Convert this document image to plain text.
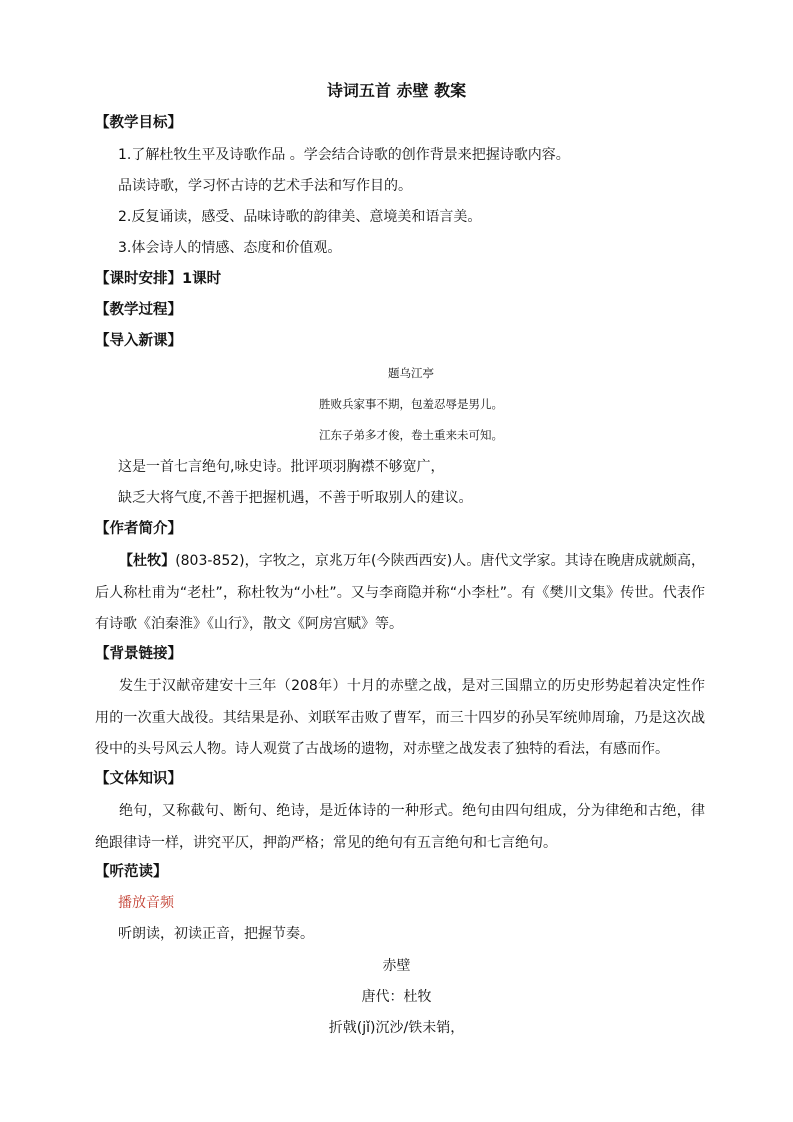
诗词五首 赤壁 教案
【教学目标】
1.了解杜牧生平及诗歌作品 。学会结合诗歌的创作背景来把握诗歌内容。
品读诗歌，学习怀古诗的艺术手法和写作目的。
2.反复诵读，感受、品味诗歌的韵律美、意境美和语言美。
3.体会诗人的情感、态度和价值观。
【课时安排】1课时
【教学过程】
【导入新课】
题乌江亭
胜败兵家事不期，包羞忍辱是男儿。
江东子弟多才俊，卷土重来未可知。
这是一首七言绝句,咏史诗。批评项羽胸襟不够宽广，
缺乏大将气度,不善于把握机遇，不善于听取别人的建议。
【作者简介】
【杜牧】(803-852)，字牧之，京兆万年(今陕西西安)人。唐代文学家。其诗在晚唐成就颇高，后人称杜甫为“老杜”，称杜牧为“小杜”。又与李商隐并称“小李杜”。有《樊川文集》传世。代表作有诗歌《泊秦淮》《山行》，散文《阿房宫赋》等。
【背景链接】
发生于汉献帝建安十三年（208年）十月的赤壁之战，是对三国鼎立的历史形势起着决定性作用的一次重大战役。其结果是孙、刘联军击败了曹军，而三十四岁的孙吴军统帅周瑜，乃是这次战役中的头号风云人物。诗人观赏了古战场的遗物，对赤壁之战发表了独特的看法，有感而作。
【文体知识】
绝句，又称截句、断句、绝诗，是近体诗的一种形式。绝句由四句组成，分为律绝和古绝，律绝跟律诗一样，讲究平仄，押韵严格；常见的绝句有五言绝句和七言绝句。
【听范读】
播放音频
听朗读，初读正音，把握节奏。
赤壁
唐代：杜牧
折戟(jǐ)沉沙/铁未销，
